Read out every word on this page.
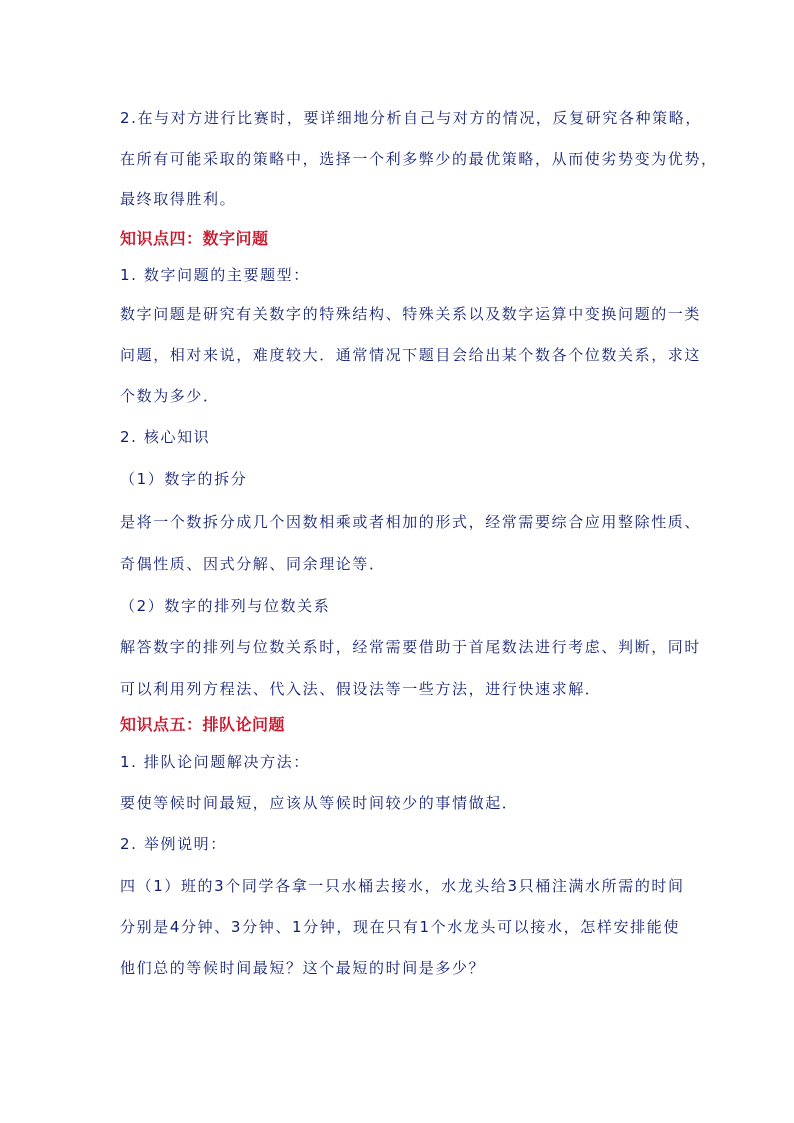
2.在与对方进行比赛时，要详细地分析自己与对方的情况，反复研究各种策略，
在所有可能采取的策略中，选择一个利多弊少的最优策略，从而使劣势变为优势，
最终取得胜利。
知识点四：数字问题
1. 数字问题的主要题型：
数字问题是研究有关数字的特殊结构、特殊关系以及数字运算中变换问题的一类
问题，相对来说，难度较大．通常情况下题目会给出某个数各个位数关系，求这
个数为多少．
2. 核心知识
（1）数字的拆分
是将一个数拆分成几个因数相乘或者相加的形式，经常需要综合应用整除性质、
奇偶性质、因式分解、同余理论等．
（2）数字的排列与位数关系
解答数字的排列与位数关系时，经常需要借助于首尾数法进行考虑、判断，同时
可以利用列方程法、代入法、假设法等一些方法，进行快速求解．
知识点五：排队论问题
1. 排队论问题解决方法：
要使等候时间最短，应该从等候时间较少的事情做起．
2. 举例说明：
四（1）班的3个同学各拿一只水桶去接水，水龙头给3只桶注满水所需的时间
分别是4分钟、3分钟、1分钟，现在只有1个水龙头可以接水，怎样安排能使
他们总的等候时间最短？这个最短的时间是多少？
